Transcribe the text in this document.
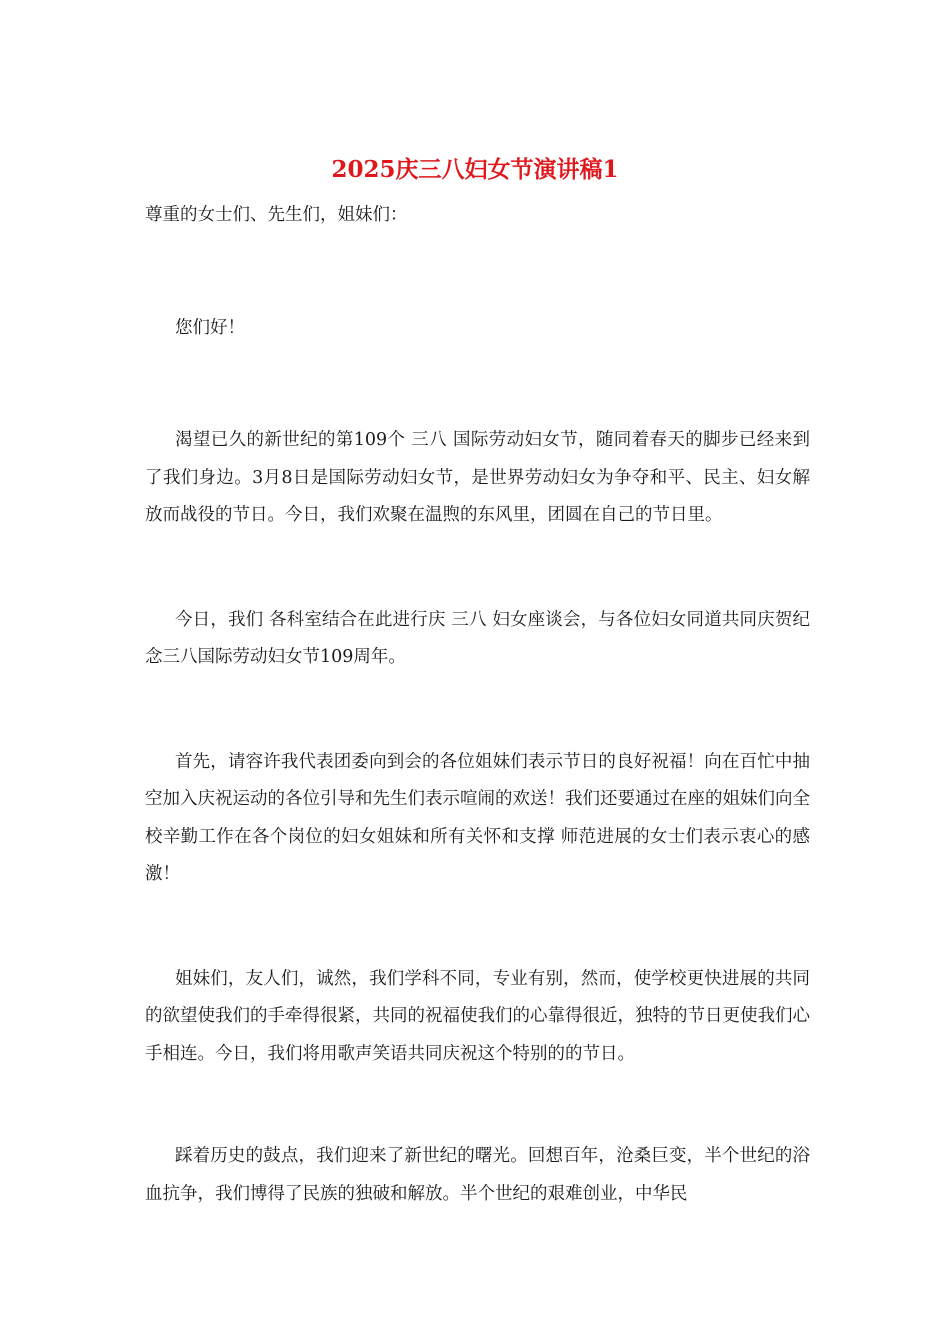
2025庆三八妇女节演讲稿1

尊重的女士们、先生们，姐妹们：

您们好！

渴望已久的新世纪的第109个 三八 国际劳动妇女节，随同着春天的脚步已经来到了我们身边。3月8日是国际劳动妇女节，是世界劳动妇女为争夺和平、民主、妇女解放而战役的节日。今日，我们欢聚在温煦的东风里，团圆在自己的节日里。

今日，我们 各科室结合在此进行庆 三八 妇女座谈会，与各位妇女同道共同庆贺纪念三八国际劳动妇女节109周年。

首先，请容许我代表团委向到会的各位姐妹们表示节日的良好祝福！向在百忙中抽空加入庆祝运动的各位引导和先生们表示喧闹的欢送！我们还要通过在座的姐妹们向全校辛勤工作在各个岗位的妇女姐妹和所有关怀和支撑 师范进展的女士们表示衷心的感激！

姐妹们，友人们，诚然，我们学科不同，专业有别，然而，使学校更快进展的共同的欲望使我们的手牵得很紧，共同的祝福使我们的心靠得很近，独特的节日更使我们心手相连。今日，我们将用歌声笑语共同庆祝这个特别的的节日。

踩着历史的鼓点，我们迎来了新世纪的曙光。回想百年，沧桑巨变，半个世纪的浴血抗争，我们博得了民族的独破和解放。半个世纪的艰难创业，中华民
